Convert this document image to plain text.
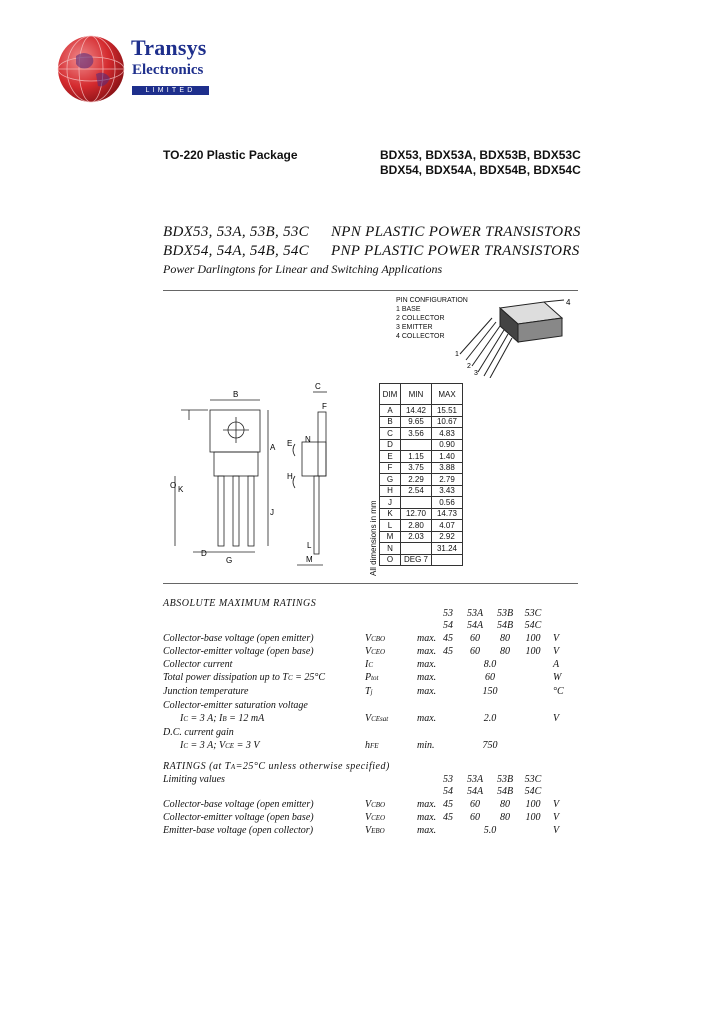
Transys
Electronics
LIMITED
TO-220 Plastic Package	BDX53, BDX53A, BDX53B, BDX53C
BDX54, BDX54A, BDX54B, BDX54C
BDX53, 53A, 53B, 53C NPN PLASTIC POWER TRANSISTORS
BDX54, 54A, 54B, 54C PNP PLASTIC POWER TRANSISTORS
Power Darlingtons for Linear and Switching Applications
PIN CONFIGURATION
1 BASE
2 COLLECTOR
3 EMITTER
4 COLLECTOR
4
1
2
3
B
A
O K
J
D
G
C
F
E
H
M
L
N
DIM	MIN	MAX
A	14.42	15.51
B	9.65	10.67
C	3.56	4.83
D		0.90
E	1.15	1.40
F	3.75	3.88
G	2.29	2.79
H	2.54	3.43
J		0.56
K	12.70	14.73
L	2.80	4.07
M	2.03	2.92
N		31.24
O	DEG 7	
All dimensions in mm
ABSOLUTE MAXIMUM RATINGS
53	53A	53B	53C
54	54A	54B	54C
Collector-base voltage (open emitter)	VCBO	max. 45	60	80	100	V
Collector-emitter voltage (open base)	VCEO	max. 45	60	80	100	V
Collector current	IC	max.	8.0	A
Total power dissipation up to TC = 25°C	Ptot	max.	60	W
Junction temperature	Tj	max.	150	°C
Collector-emitter saturation voltage
IC = 3 A; IB = 12 mA	VCEsat	max.	2.0	V
D.C. current gain
IC = 3 A; VCE = 3 V	hFE	min.	750
RATINGS (at TA=25°C unless otherwise specified)
Limiting values	53	53A	53B	53C
54	54A	54B	54C
Collector-base voltage (open emitter)	VCBO	max. 45	60	80	100	V
Collector-emitter voltage (open base)	VCEO	max. 45	60	80	100	V
Emitter-base voltage (open collector)	VEBO	max.	5.0	V
